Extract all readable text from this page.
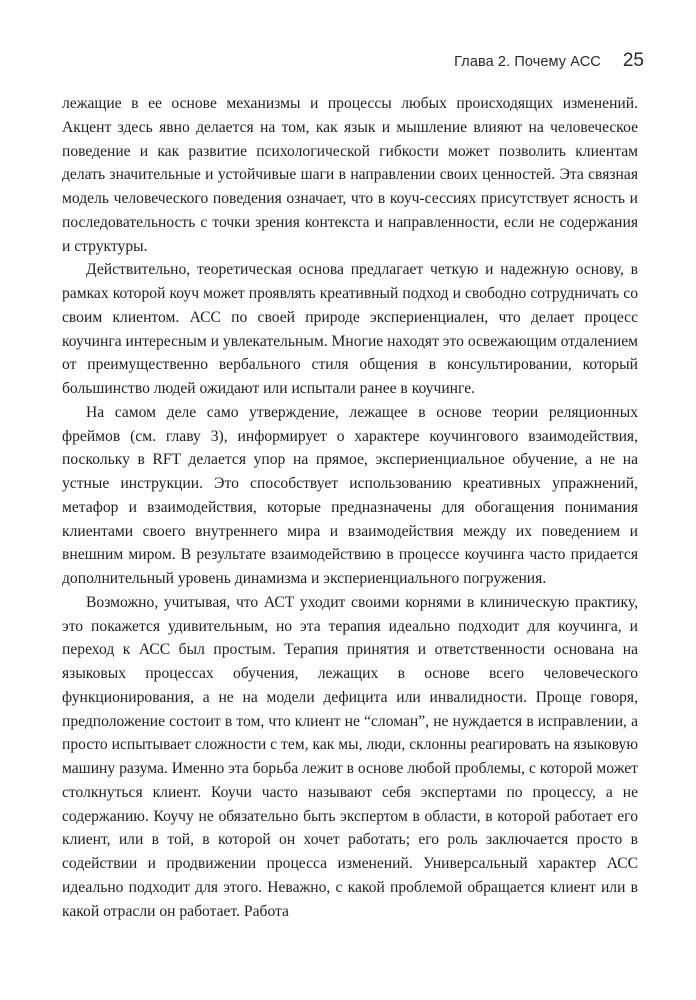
Глава 2. Почему АСС 25

лежащие в ее основе механизмы и процессы любых происходящих изменений. Акцент здесь явно делается на том, как язык и мышление влияют на человеческое поведение и как развитие психологической гибкости может позволить клиентам делать значительные и устойчивые шаги в направлении своих ценностей. Эта связная модель человеческого поведения означает, что в коуч-сессиях присутствует ясность и последовательность с точки зрения контекста и направленности, если не содержания и структуры.

Действительно, теоретическая основа предлагает четкую и надежную основу, в рамках которой коуч может проявлять креативный подход и свободно сотрудничать со своим клиентом. АСС по своей природе экспериенциален, что делает процесс коучинга интересным и увлекательным. Многие находят это освежающим отдалением от преимущественно вербального стиля общения в консультировании, который большинство людей ожидают или испытали ранее в коучинге.

На самом деле само утверждение, лежащее в основе теории реляционных фреймов (см. главу 3), информирует о характере коучингового взаимодействия, поскольку в RFT делается упор на прямое, экспериенциальное обучение, а не на устные инструкции. Это способствует использованию креативных упражнений, метафор и взаимодействия, которые предназначены для обогащения понимания клиентами своего внутреннего мира и взаимодействия между их поведением и внешним миром. В результате взаимодействию в процессе коучинга часто придается дополнительный уровень динамизма и экспериенциального погружения.

Возможно, учитывая, что АСТ уходит своими корнями в клиническую практику, это покажется удивительным, но эта терапия идеально подходит для коучинга, и переход к АСС был простым. Терапия принятия и ответственности основана на языковых процессах обучения, лежащих в основе всего человеческого функционирования, а не на модели дефицита или инвалидности. Проще говоря, предположение состоит в том, что клиент не “сломан”, не нуждается в исправлении, а просто испытывает сложности с тем, как мы, люди, склонны реагировать на языковую машину разума. Именно эта борьба лежит в основе любой проблемы, с которой может столкнуться клиент. Коучи часто называют себя экспертами по процессу, а не содержанию. Коучу не обязательно быть экспертом в области, в которой работает его клиент, или в той, в которой он хочет работать; его роль заключается просто в содействии и продвижении процесса изменений. Универсальный характер АСС идеально подходит для этого. Неважно, с какой проблемой обращается клиент или в какой отрасли он работает. Работа
